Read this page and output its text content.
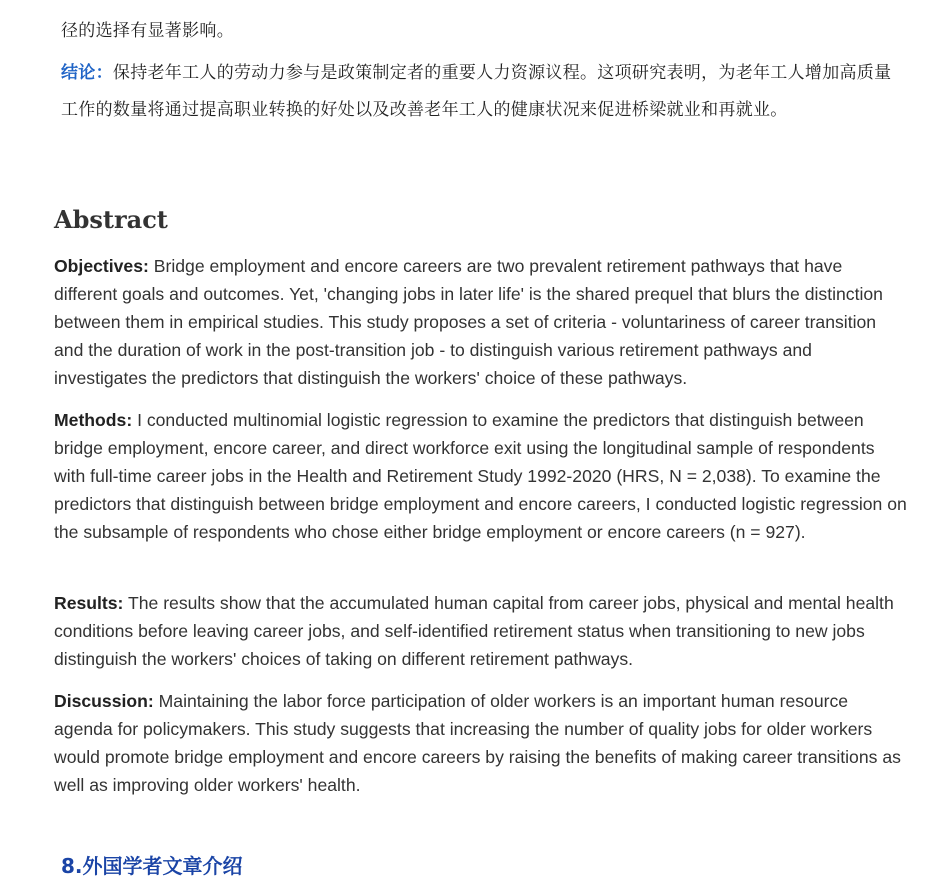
径的选择有显著影响。
结论：保持老年工人的劳动力参与是政策制定者的重要人力资源议程。这项研究表明，为老年工人增加高质量工作的数量将通过提高职业转换的好处以及改善老年工人的健康状况来促进桥梁就业和再就业。
Abstract

Objectives: Bridge employment and encore careers are two prevalent retirement pathways that have different goals and outcomes. Yet, 'changing jobs in later life' is the shared prequel that blurs the distinction between them in empirical studies. This study proposes a set of criteria - voluntariness of career transition and the duration of work in the post-transition job - to distinguish various retirement pathways and investigates the predictors that distinguish the workers' choice of these pathways.

Methods: I conducted multinomial logistic regression to examine the predictors that distinguish between bridge employment, encore career, and direct workforce exit using the longitudinal sample of respondents with full-time career jobs in the Health and Retirement Study 1992-2020 (HRS, N = 2,038). To examine the predictors that distinguish between bridge employment and encore careers, I conducted logistic regression on the subsample of respondents who chose either bridge employment or encore careers (n = 927).

Results: The results show that the accumulated human capital from career jobs, physical and mental health conditions before leaving career jobs, and self-identified retirement status when transitioning to new jobs distinguish the workers' choices of taking on different retirement pathways.

Discussion: Maintaining the labor force participation of older workers is an important human resource agenda for policymakers. This study suggests that increasing the number of quality jobs for older workers would promote bridge employment and encore careers by raising the benefits of making career transitions as well as improving older workers' health.

8.外国学者文章介绍
